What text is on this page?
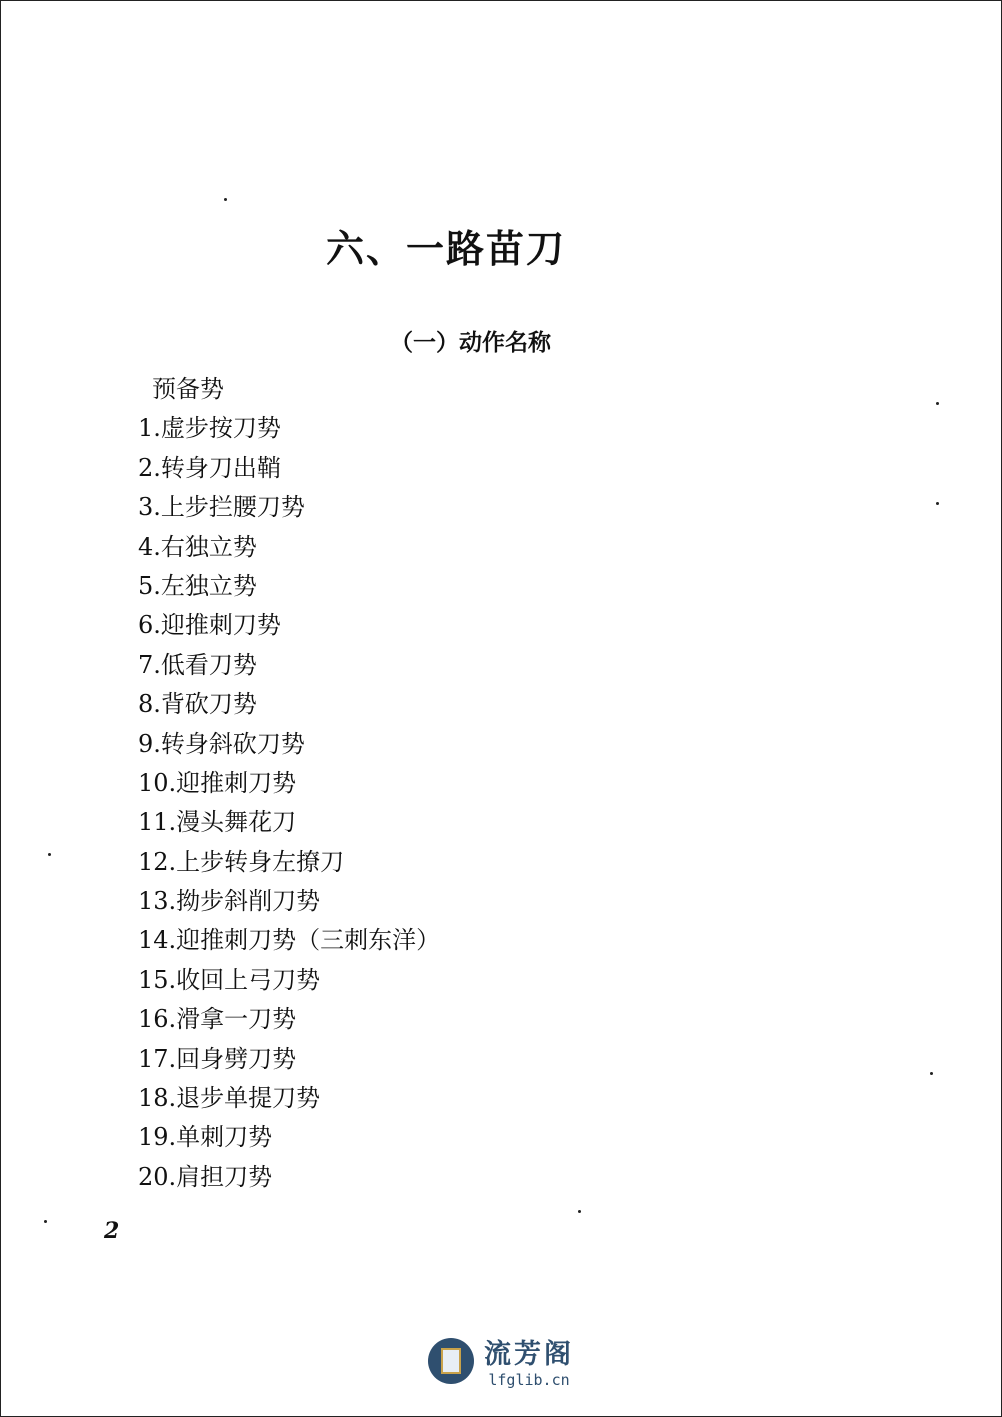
六、一路苗刀
（一）动作名称
预备势
1.虚步按刀势
2.转身刀出鞘
3.上步拦腰刀势
4.右独立势
5.左独立势
6.迎推刺刀势
7.低看刀势
8.背砍刀势
9.转身斜砍刀势
10.迎推刺刀势
11.漫头舞花刀
12.上步转身左撩刀
13.拗步斜削刀势
14.迎推刺刀势（三刺东洋）
15.收回上弓刀势
16.滑拿一刀势
17.回身劈刀势
18.退步单提刀势
19.单刺刀势
20.肩担刀势
2
流芳阁
lfglib.cn
